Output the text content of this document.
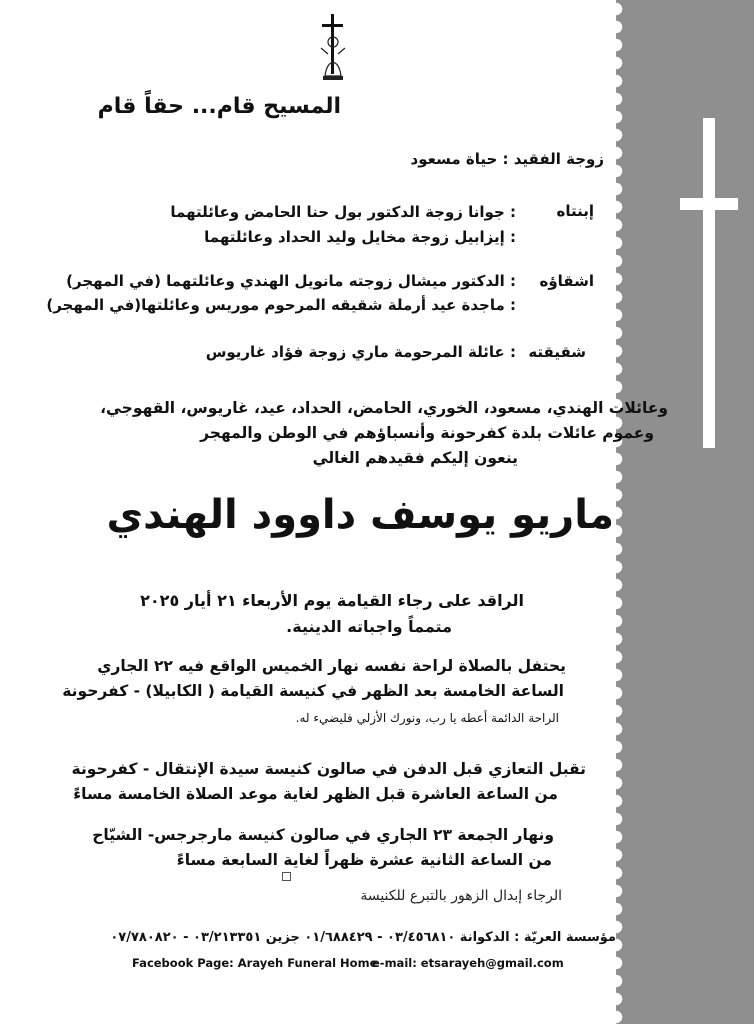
المسيح قام... حقاً قام
زوجة الفقيد : حياة مسعود
إبنتاه
: جوانا زوجة الدكتور بول حنا الحامض وعائلتهما
: إيزابيل زوجة مخايل وليد الحداد وعائلتهما
اشقاؤه
: الدكتور ميشال زوجته مانويل الهندي وعائلتهما (في المهجر)
: ماجدة عيد أرملة شقيقه المرحوم موريس وعائلتها(في المهجر)
شقيقته
: عائلة المرحومة ماري زوجة فؤاد غاريوس
وعائلات الهندي، مسعود، الخوري، الحامض، الحداد، عيد، غاريوس، القهوجي،
وعموم عائلات بلدة كفرحونة وأنسباؤهم في الوطن والمهجر
ينعون إليكم فقيدهم الغالي
ماريو يوسف داوود الهندي
الراقد على رجاء القيامة يوم الأربعاء ٢١ أيار ٢٠٢٥
متمماً واجباته الدينية.
يحتفل بالصلاة لراحة نفسه نهار الخميس الواقع فيه ٢٢ الجاري
الساعة الخامسة بعد الظهر في كنيسة القيامة ( الكابيلا) - كفرحونة
الراحة الدائمة أعطه يا رب، ونورك الأزلي فليضيء له.
تقبل التعازي قبل الدفن في صالون كنيسة سيدة الإنتقال - كفرحونة
من الساعة العاشرة قبل الظهر لغاية موعد الصلاة الخامسة مساءً
ونهار الجمعة ٢٣ الجاري في صالون كنيسة مارجرجس- الشيّاح
من الساعة الثانية عشرة ظهراً لغاية السابعة مساءً
الرجاء إبدال الزهور بالتبرع للكنيسة
مؤسسة العريّة : الدكوانة ٠٣/٤٥٦٨١٠ - ٠١/٦٨٨٤٢٩ جزين ٠٣/٢١٣٣٥١ - ٠٧/٧٨٠٨٢٠
Facebook Page: Arayeh Funeral Home
e-mail: etsarayeh@gmail.com
